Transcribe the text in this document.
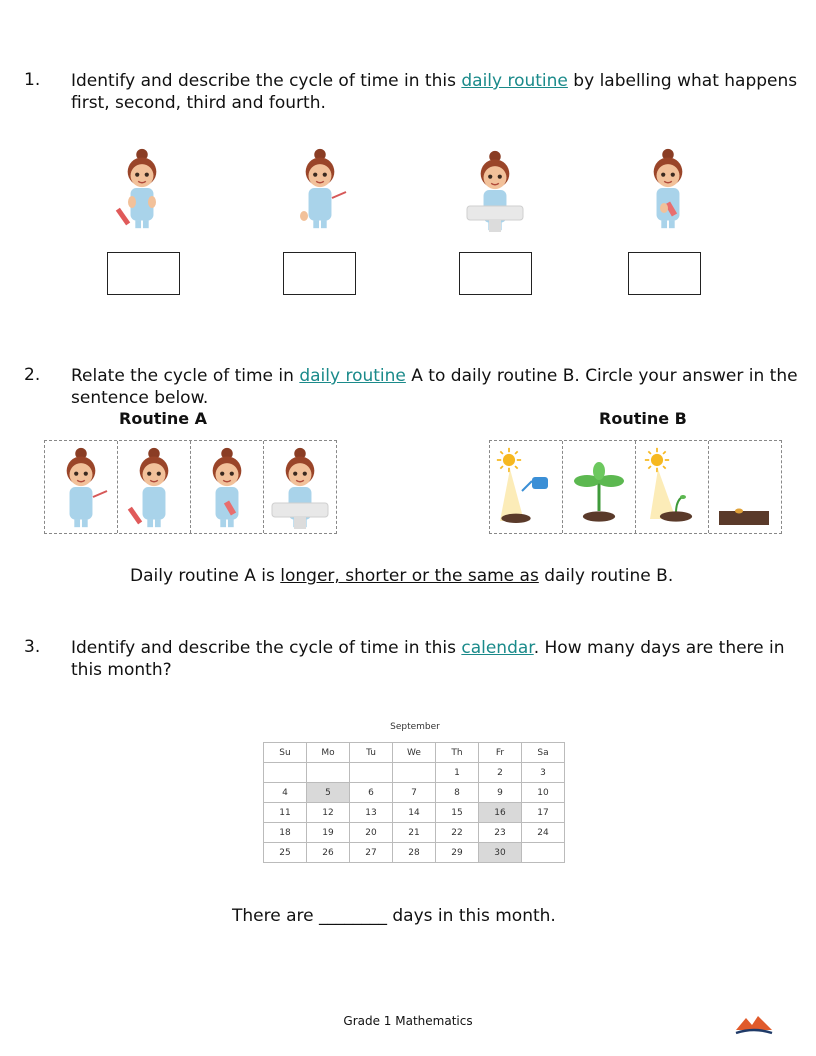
1. Identify and describe the cycle of time in this daily routine by labelling what happens first, second, third and fourth.
2. Relate the cycle of time in daily routine A to daily routine B. Circle your answer in the sentence below.
Routine A	Routine B
Daily routine A is longer, shorter or the same as daily routine B.
3. Identify and describe the cycle of time in this calendar. How many days are there in this month?
September
Su	Mo	Tu	We	Th	Fr	Sa
				1	2	3
4	5	6	7	8	9	10
11	12	13	14	15	16	17
18	19	20	21	22	23	24
25	26	27	28	29	30	
There are ________ days in this month.
Grade 1 Mathematics
